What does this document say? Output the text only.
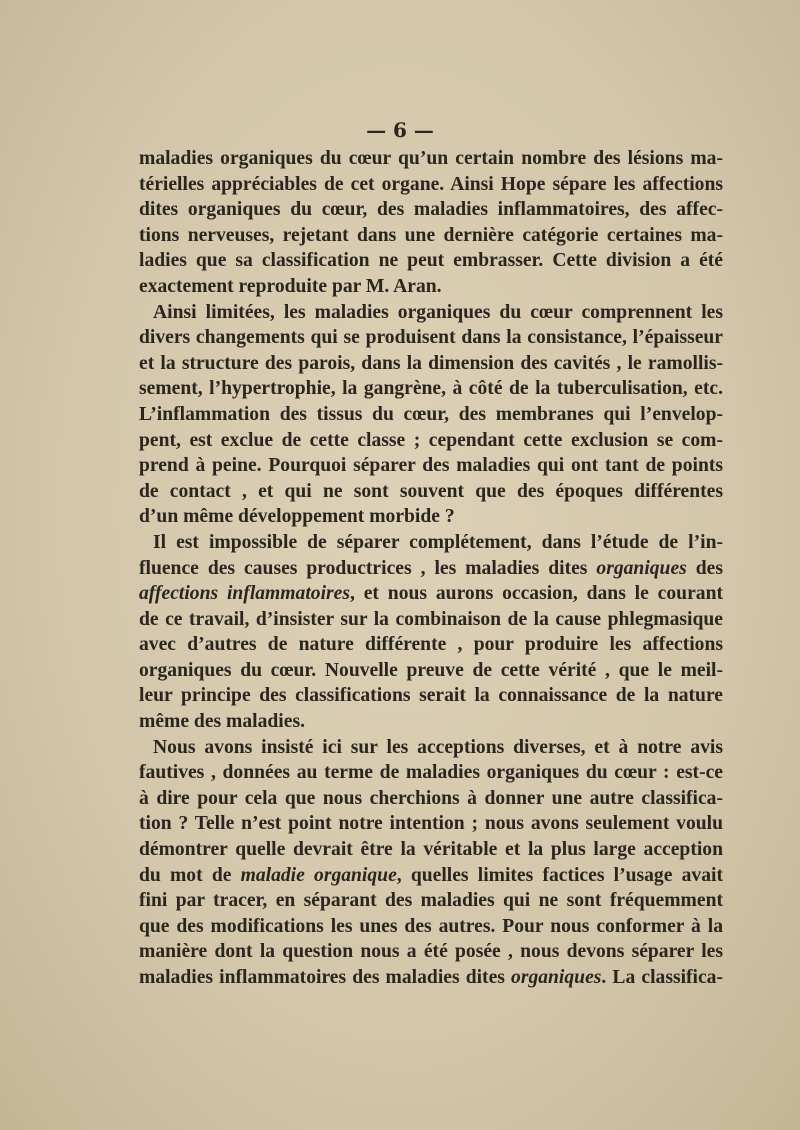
— 6 —
maladies organiques du cœur qu’un certain nombre des lésions ma-
térielles appréciables de cet organe. Ainsi Hope sépare les affections
dites organiques du cœur, des maladies inflammatoires, des affec-
tions nerveuses, rejetant dans une dernière catégorie certaines ma-
ladies que sa classification ne peut embrasser. Cette division a été
exactement reproduite par M. Aran.
Ainsi limitées, les maladies organiques du cœur comprennent les
divers changements qui se produisent dans la consistance, l’épaisseur
et la structure des parois, dans la dimension des cavités , le ramollis-
sement, l’hypertrophie, la gangrène, à côté de la tuberculisation, etc.
L’inflammation des tissus du cœur, des membranes qui l’envelop-
pent, est exclue de cette classe ; cependant cette exclusion se com-
prend à peine. Pourquoi séparer des maladies qui ont tant de points
de contact , et qui ne sont souvent que des époques différentes
d’un même développement morbide ?
Il est impossible de séparer complétement, dans l’étude de l’in-
fluence des causes productrices , les maladies dites organiques des
affections inflammatoires, et nous aurons occasion, dans le courant
de ce travail, d’insister sur la combinaison de la cause phlegmasique
avec d’autres de nature différente , pour produire les affections
organiques du cœur. Nouvelle preuve de cette vérité , que le meil-
leur principe des classifications serait la connaissance de la nature
même des maladies.
Nous avons insisté ici sur les acceptions diverses, et à notre avis
fautives , données au terme de maladies organiques du cœur : est-ce
à dire pour cela que nous cherchions à donner une autre classifica-
tion ? Telle n’est point notre intention ; nous avons seulement voulu
démontrer quelle devrait être la véritable et la plus large acception
du mot de maladie organique, quelles limites factices l’usage avait
fini par tracer, en séparant des maladies qui ne sont fréquemment
que des modifications les unes des autres. Pour nous conformer à la
manière dont la question nous a été posée , nous devons séparer les
maladies inflammatoires des maladies dites organiques. La classifica-
